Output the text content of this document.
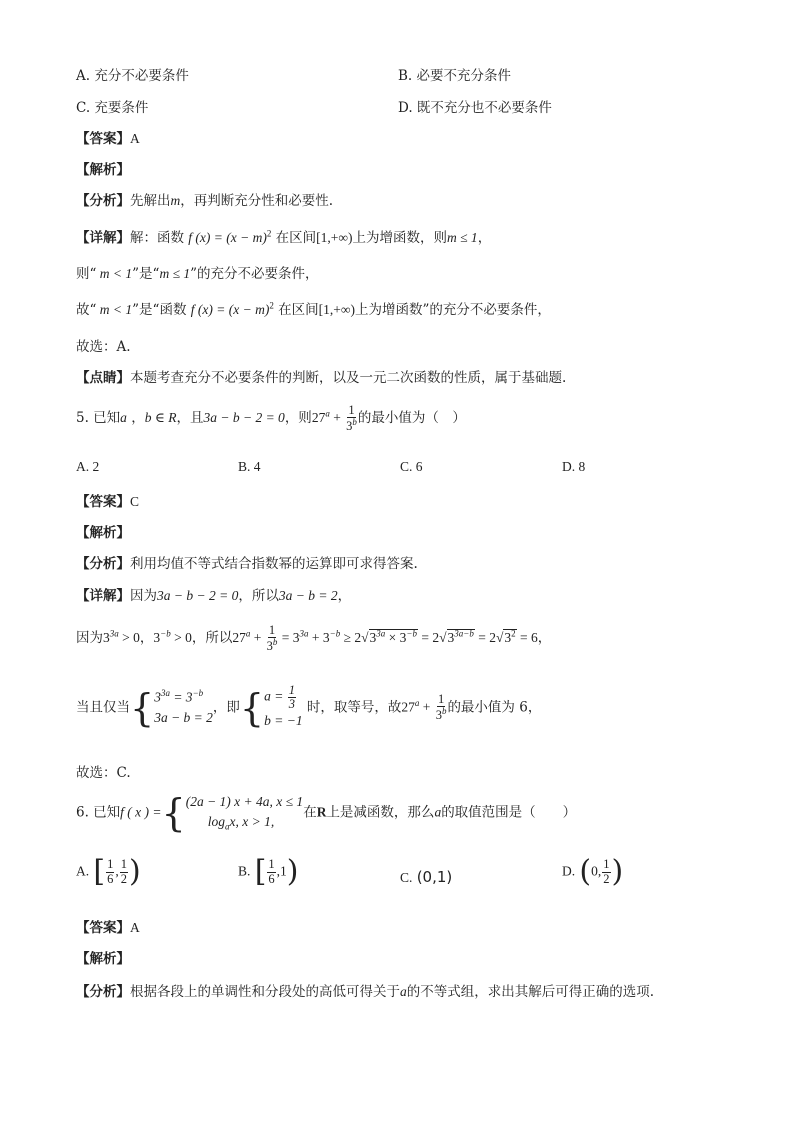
A. 充分不必要条件	B. 必要不充分条件
C. 充要条件	D. 既不充分也不必要条件
【答案】A
【解析】
【分析】先解出m，再判断充分性和必要性.
【详解】解：函数 f $(x) = (x - m)^2$ 在区间[1,+∞)上为增函数，则m ≤ 1，
则“ m < 1”是“m ≤ 1”的充分不必要条件，
故“ m < 1”是“函数 f $(x) = (x - m)^2$ 在区间[1,+∞)上为增函数”的充分不必要条件，
故选：A.
【点睛】本题考查充分不必要条件的判断，以及一元二次函数的性质，属于基础题.
5. 已知a ，b ∈ R，且3a − b − 2 = 0，则$27^a + \frac{1}{3^b}$ 的最小值为（　）
A. 2	B. 4	C. 6	D. 8
【答案】C
【解析】
【分析】利用均值不等式结合指数幂的运算即可求得答案.
【详解】因为3a − b − 2 = 0，所以3a − b = 2，
因为$3^{3a} > 0$，$3^{-b} > 0$，所以$27^a + \frac{1}{3^b} = 3^{3a} + 3^{-b} \ge 2√3^{3a} \times 3^{-b} = 2√3^{3a-b} = 2√3^2 = 6$，
当且仅当{ $3^{3a} = 3^{-b}$
3a − b = 2
，即{ $a = \frac{1}{3}$
b = −1
时，取等号，故$27^a + \frac{1}{3^b}$ 的最小值为 6，
故选：C.
6. 已知f ( x ) ={ (2a − 1) x + 4a, x ≤ 1
$\log_ax$, x > 1,
在R上是减函数，那么a的取值范围是（　　）
A. [ $\frac{1}{6}$ , $\frac{1}{2}$ )	B. [ $\frac{1}{6} ,1$)	C. (0,1)	D. (0, $\frac{1}{2}$ )
【答案】A
【解析】
【分析】根据各段上的单调性和分段处的高低可得关于a的不等式组，求出其解后可得正确的选项.
